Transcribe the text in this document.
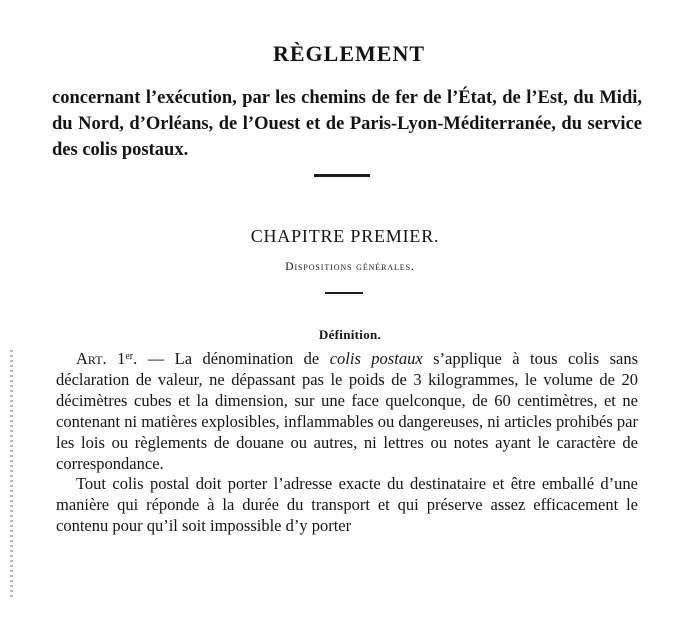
RÈGLEMENT
concernant l’exécution, par les chemins de fer de l’État, de l’Est, du Midi, du Nord, d’Orléans, de l’Ouest et de Paris-Lyon-Méditerranée, du service des colis postaux.
CHAPITRE PREMIER.
Dispositions générales.
Définition.

Art. 1er. — La dénomination de colis postaux s’applique à tous colis sans déclaration de valeur, ne dépassant pas le poids de 3 kilogrammes, le volume de 20 décimètres cubes et la dimension, sur une face quelconque, de 60 centimètres, et ne contenant ni matières explosibles, inflammables ou dangereuses, ni articles prohibés par les lois ou règlements de douane ou autres, ni lettres ou notes ayant le caractère de correspondance.

Tout colis postal doit porter l’adresse exacte du destinataire et être emballé d’une manière qui réponde à la durée du transport et qui préserve assez efficacement le contenu pour qu’il soit impossible d’y porter
